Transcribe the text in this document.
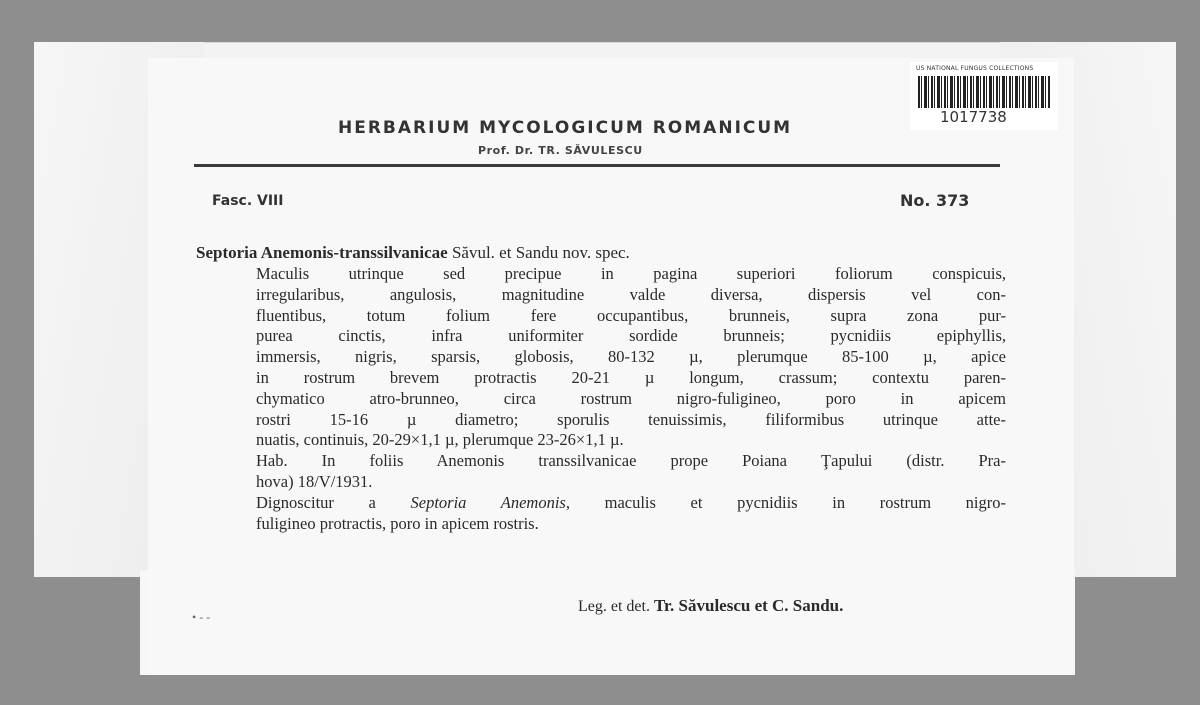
US NATIONAL FUNGUS COLLECTIONS
1017738
HERBARIUM MYCOLOGICUM ROMANICUM
Prof. Dr. TR. SĂVULESCU
Fasc. VIII	No. 373
Septoria Anemonis-transsilvanicae Săvul. et Sandu nov. spec.
Maculis utrinque sed precipue in pagina superiori foliorum conspicuis,
irregularibus, angulosis, magnitudine valde diversa, dispersis vel con-
fluentibus, totum folium fere occupantibus, brunneis, supra zona pur-
purea cinctis, infra uniformiter sordide brunneis; pycnidiis epiphyllis,
immersis, nigris, sparsis, globosis, 80-132 µ, plerumque 85-100 µ, apice
in rostrum brevem protractis 20-21 µ longum, crassum; contextu paren-
chymatico atro-brunneo, circa rostrum nigro-fuligineo, poro in apicem
rostri 15-16 µ diametro; sporulis tenuissimis, filiformibus utrinque atte-
nuatis, continuis, 20-29×1,1 µ, plerumque 23-26×1,1 µ.
Hab. In foliis Anemonis transsilvanicae prope Poiana Ţapului (distr. Pra-
hova) 18/V/1931.
Dignoscitur a Septoria Anemonis, maculis et pycnidiis in rostrum nigro-
fuligineo protractis, poro in apicem rostris.
Leg. et det. Tr. Săvulescu et C. Sandu.
• - -
